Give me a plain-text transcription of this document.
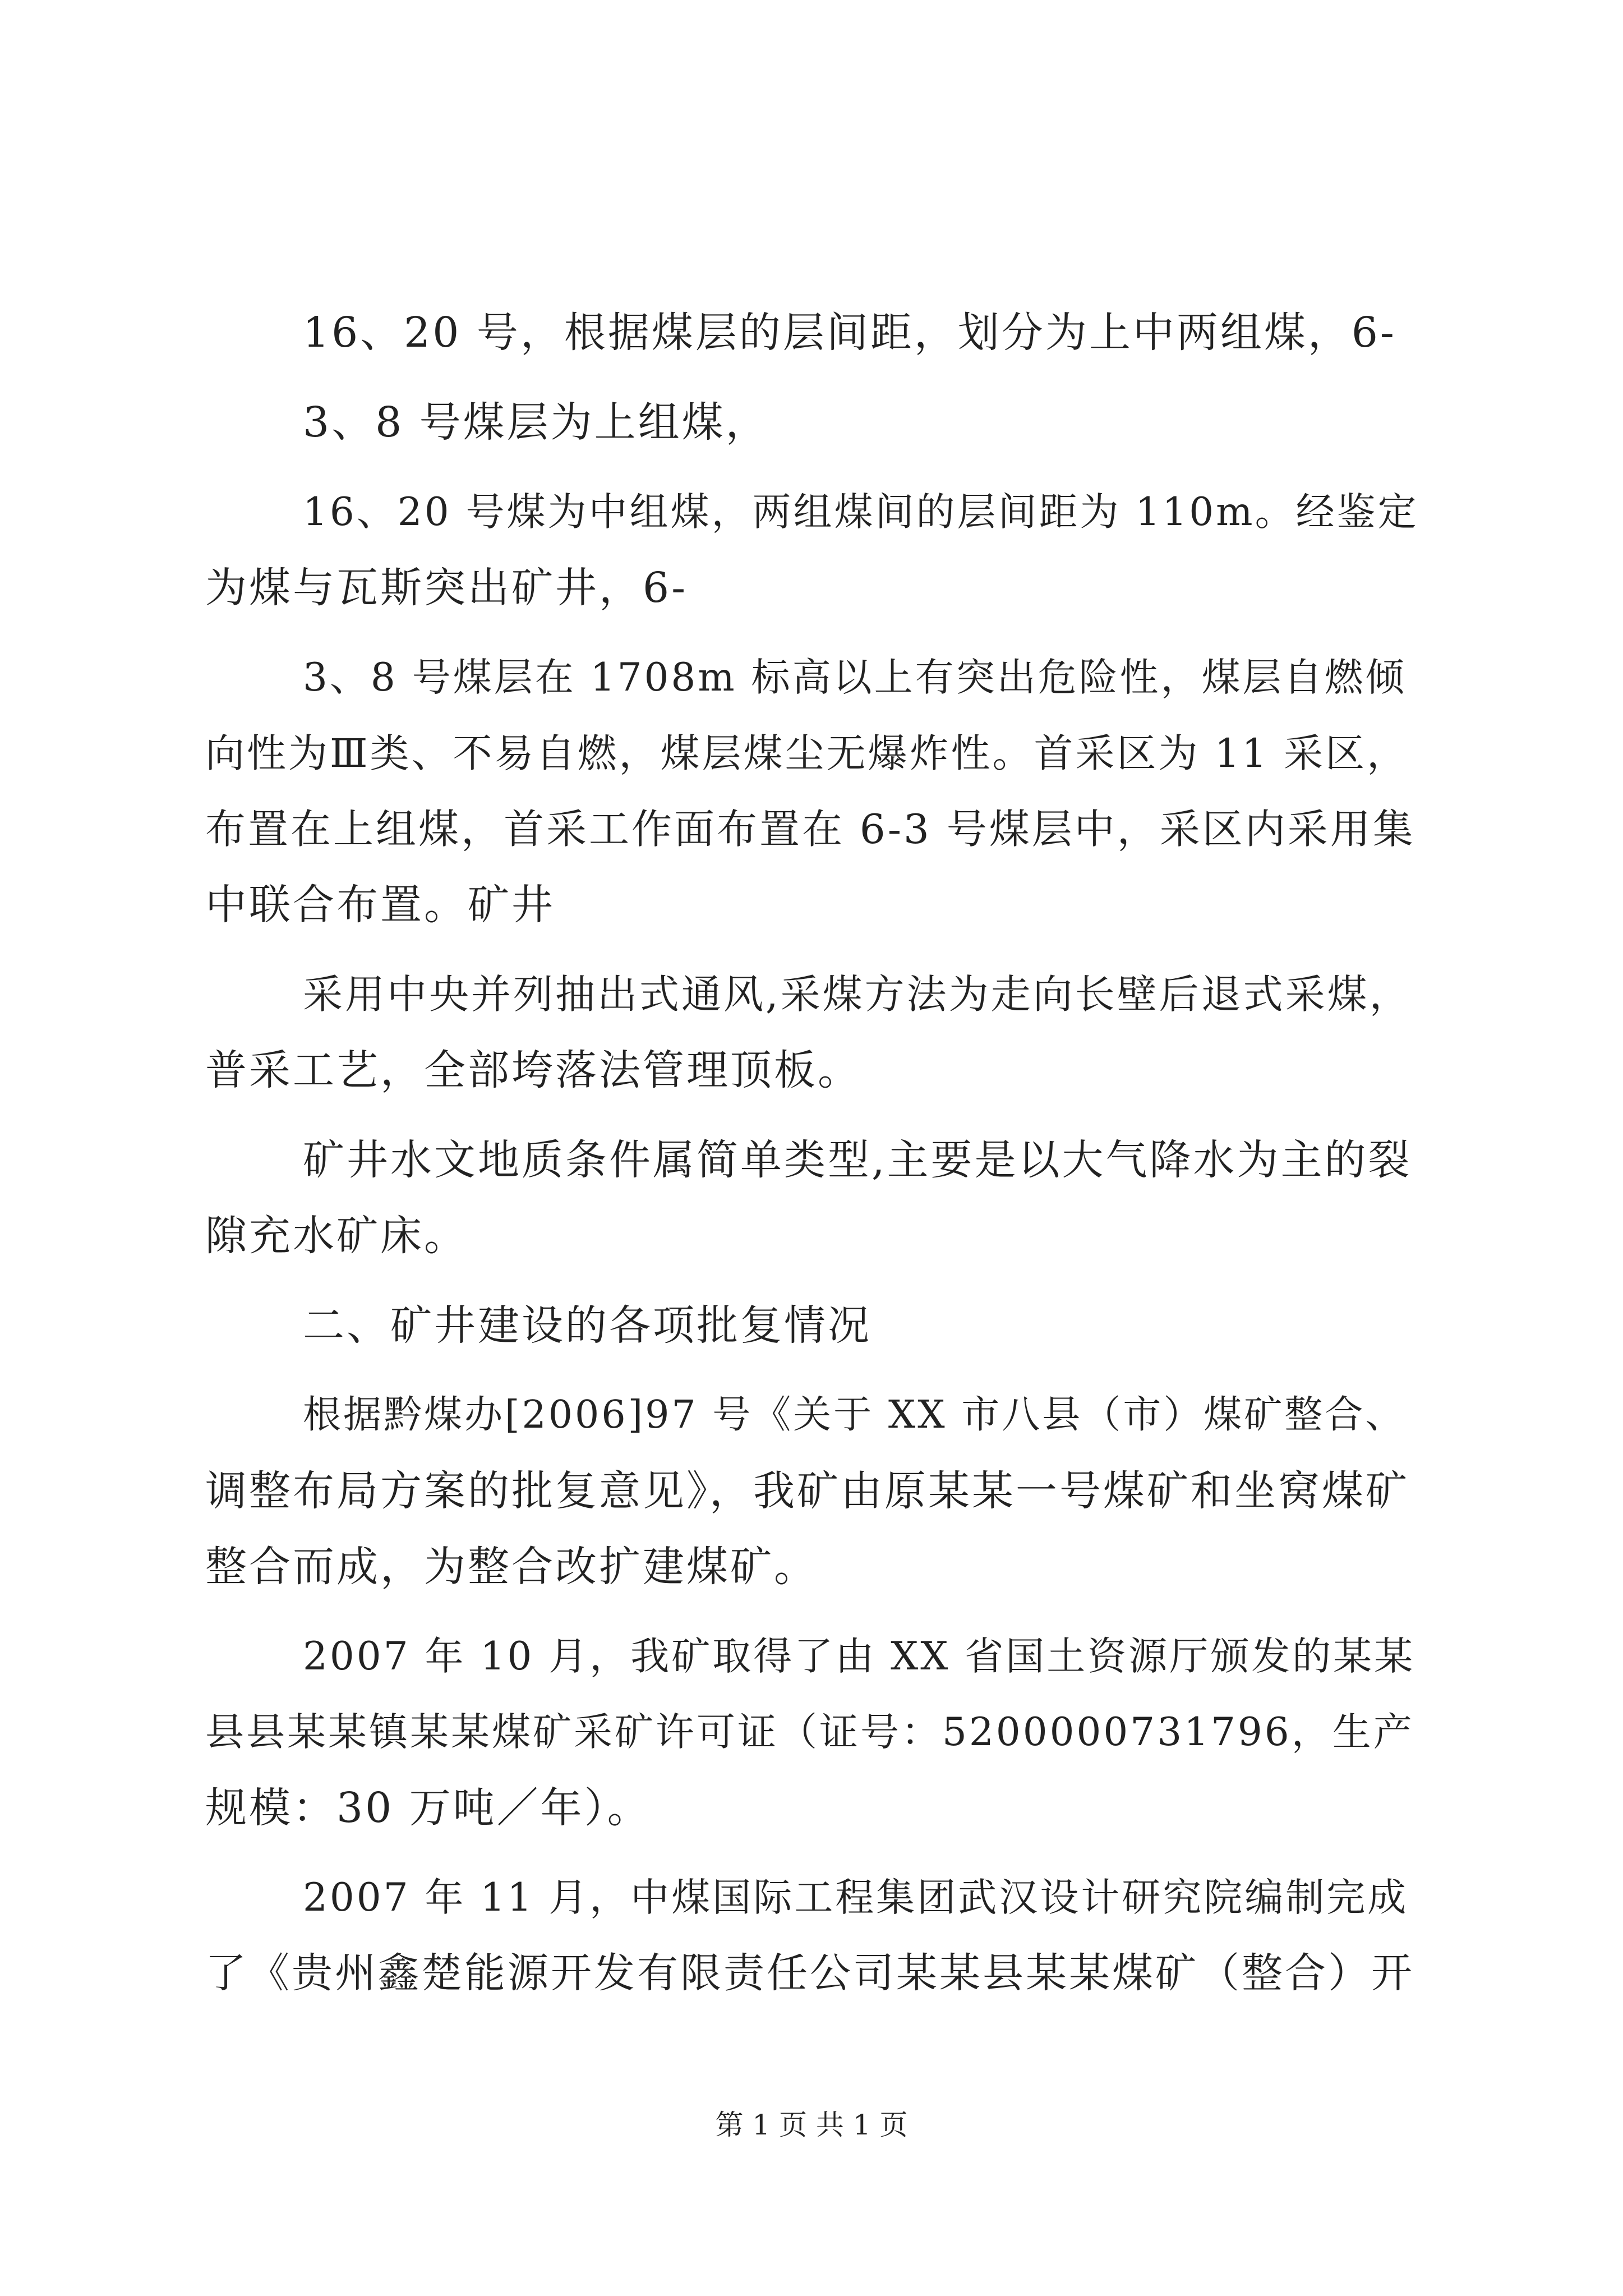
16、20 号，根据煤层的层间距，划分为上中两组煤，6-
3、8 号煤层为上组煤，
16、20 号煤为中组煤，两组煤间的层间距为 110m。经鉴定
为煤与瓦斯突出矿井，6-
3、8 号煤层在 1708m 标高以上有突出危险性，煤层自燃倾
向性为Ⅲ类、不易自燃，煤层煤尘无爆炸性。首采区为 11 采区，
布置在上组煤，首采工作面布置在 6-3 号煤层中，采区内采用集
中联合布置。矿井
采用中央并列抽出式通风,采煤方法为走向长壁后退式采煤，
普采工艺，全部垮落法管理顶板。
矿井水文地质条件属简单类型,主要是以大气降水为主的裂
隙充水矿床。
二、矿井建设的各项批复情况
根据黔煤办[2006]97 号《关于 XX 市八县（市）煤矿整合、
调整布局方案的批复意见》，我矿由原某某一号煤矿和坐窝煤矿
整合而成，为整合改扩建煤矿。
2007 年 10 月，我矿取得了由 XX 省国土资源厅颁发的某某
县县某某镇某某煤矿采矿许可证（证号：5200000731796，生产
规模：30 万吨／年）。
2007 年 11 月，中煤国际工程集团武汉设计研究院编制完成
了《贵州鑫楚能源开发有限责任公司某某县某某煤矿（整合）开
第 1 页 共 1 页
